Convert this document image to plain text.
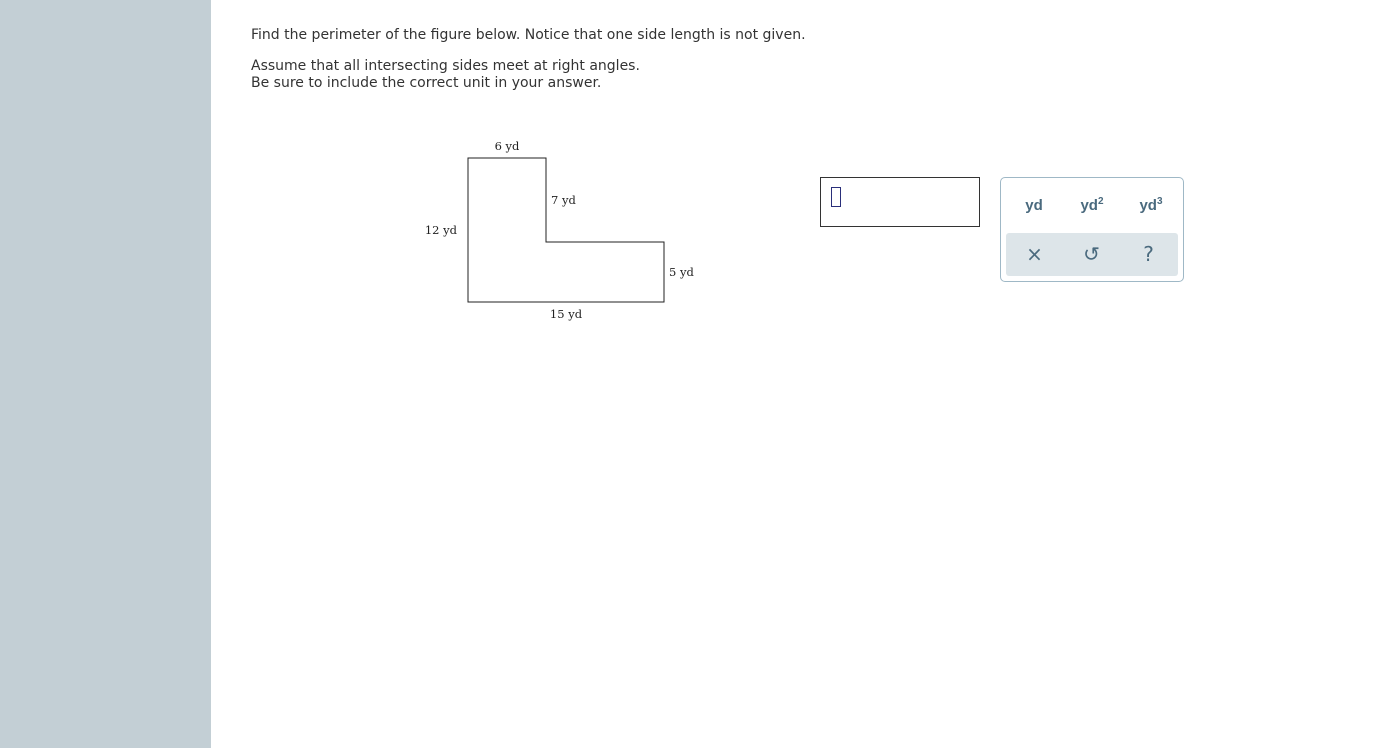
Find the perimeter of the figure below. Notice that one side length is not given.
Assume that all intersecting sides meet at right angles.
Be sure to include the correct unit in your answer.
6 yd
7 yd
12 yd
5 yd
15 yd
yd	$yd^2$	$yd^3$
×	↺	?
